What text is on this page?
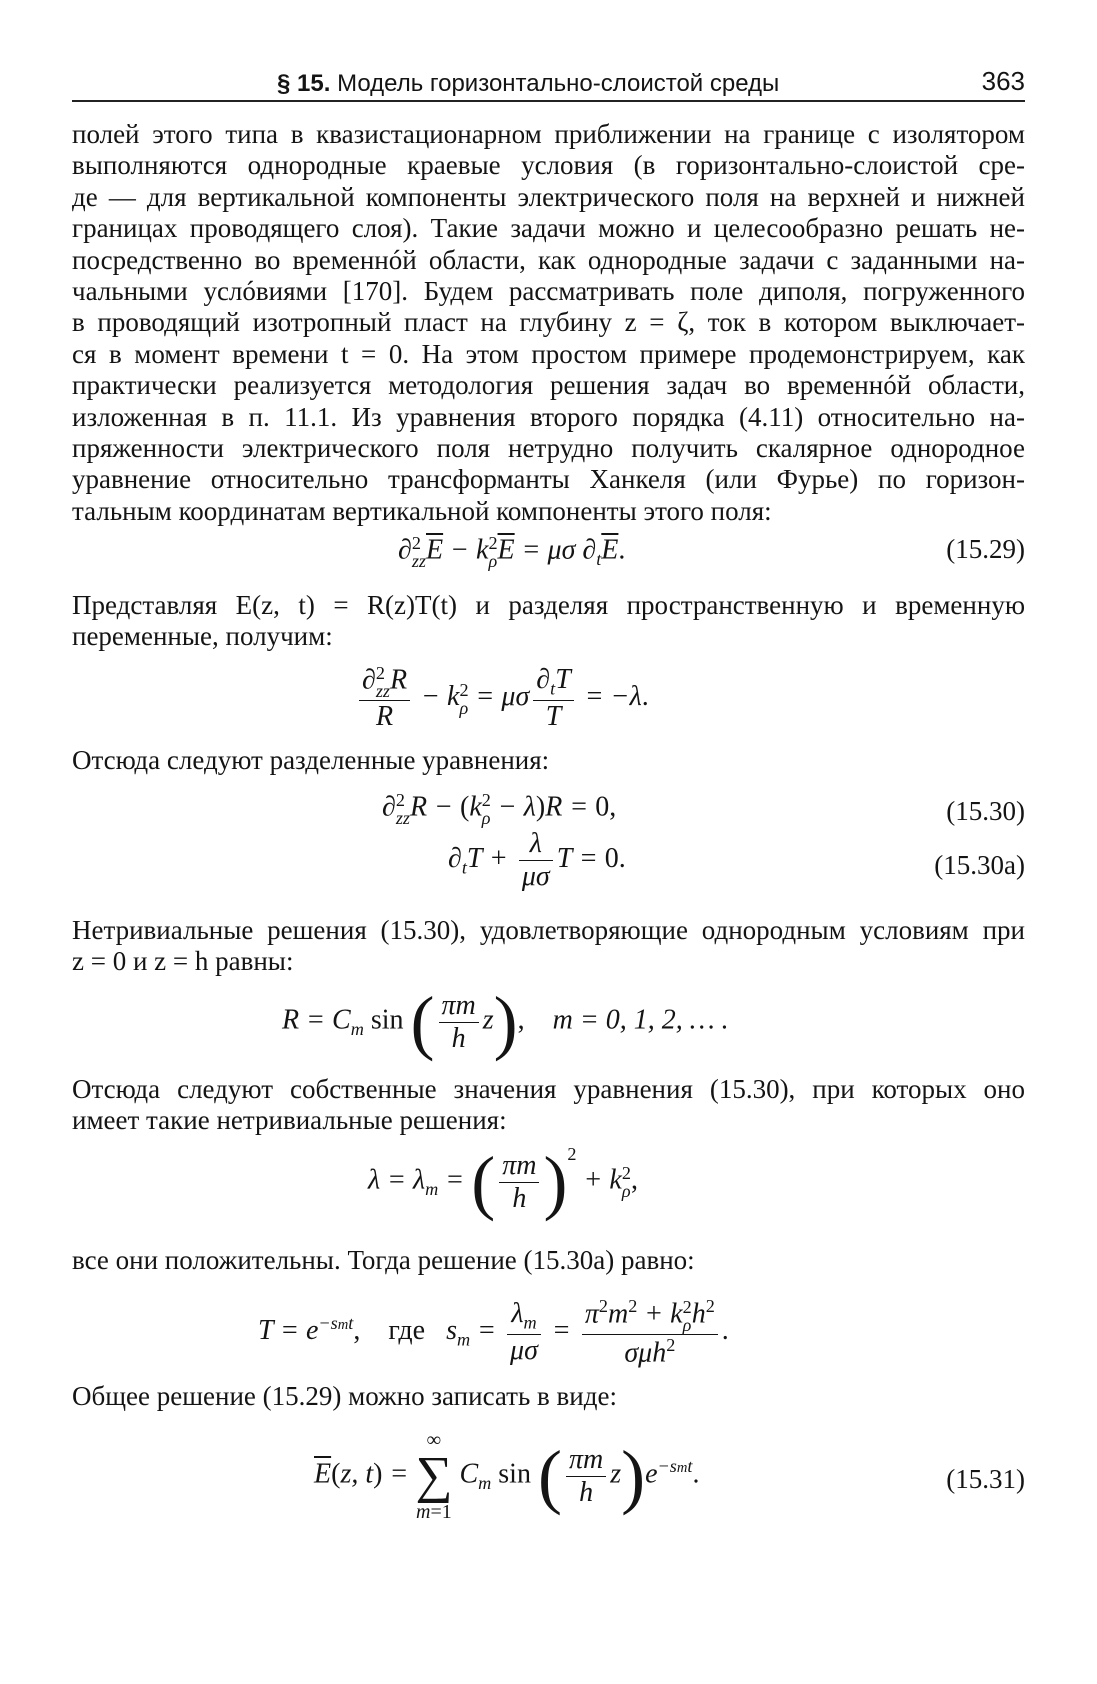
§ 15. Модель горизонтально-слоистой среды	363
полей этого типа в квазистационарном приближении на границе с изолятором
выполняются однородные краевые условия (в горизонтально-слоистой сре-
де — для вертикальной компоненты электрического поля на верхней и нижней
границах проводящего слоя). Такие задачи можно и целесообразно решать не-
посредственно во временнóй области, как однородные задачи с заданными на-
чальными услóвиями [170]. Будем рассматривать поле диполя, погруженного
в проводящий изотропный пласт на глубину z = ζ, ток в котором выключает-
ся в момент времени t = 0. На этом простом примере продемонстрируем, как
практически реализуется методология решения задач во временнóй области,
изложенная в п. 11.1. Из уравнения второго порядка (4.11) относительно на-
пряженности электрического поля нетрудно получить скалярное однородное
уравнение относительно трансформанты Ханкеля (или Фурье) по горизон-
тальным координатам вертикальной компоненты этого поля:
∂ 2
zz $\overline{E} - k$ 2
ρ $\overline{E} = \mu\sigma$ $\partial_t\overline{E}$.	(15.29)
Представляя E(z, t) = R(z)T(t) и разделяя пространственную и временную
переменные, получим:
∂ 2
zz R
R − k 2
ρ = μσ $\frac{\partial_tT}{T} = -\lambda$.
Отсюда следуют разделенные уравнения:
∂ 2
zz R − (k 2
ρ − λ)R = 0,	(15.30)
$\partial_tT + \frac{\lambda}{\mu\sigma}$ T = 0.	(15.30a)
Нетривиальные решения (15.30), удовлетворяющие однородным условиям при
z = 0 и z = h равны:
$R = C_m$ sin ( $\frac{\pi m}{h} z$), m = 0, 1, 2, … .
Отсюда следуют собственные значения уравнения (15.30), при которых оно
имеет такие нетривиальные решения:
$\lambda = \lambda_m$ = ( $\frac{\pi m}{h} )^2 + k$ 2
ρ ,
все они положительны. Тогда решение (15.30a) равно:
$T = e^{-smt}$, где   $s_m = \frac{\lambda_m}{\mu\sigma} = \pi^2m^2 + k$ 2
ρ $h^2$
σμh$^2$ .
Общее решение (15.29) можно записать в виде:
$\overline{E}(z$, t) =
∞
∑
m=1
$C_m$ sin ( $\frac{\pi m}{h} z)e^{-smt}$.	(15.31)
